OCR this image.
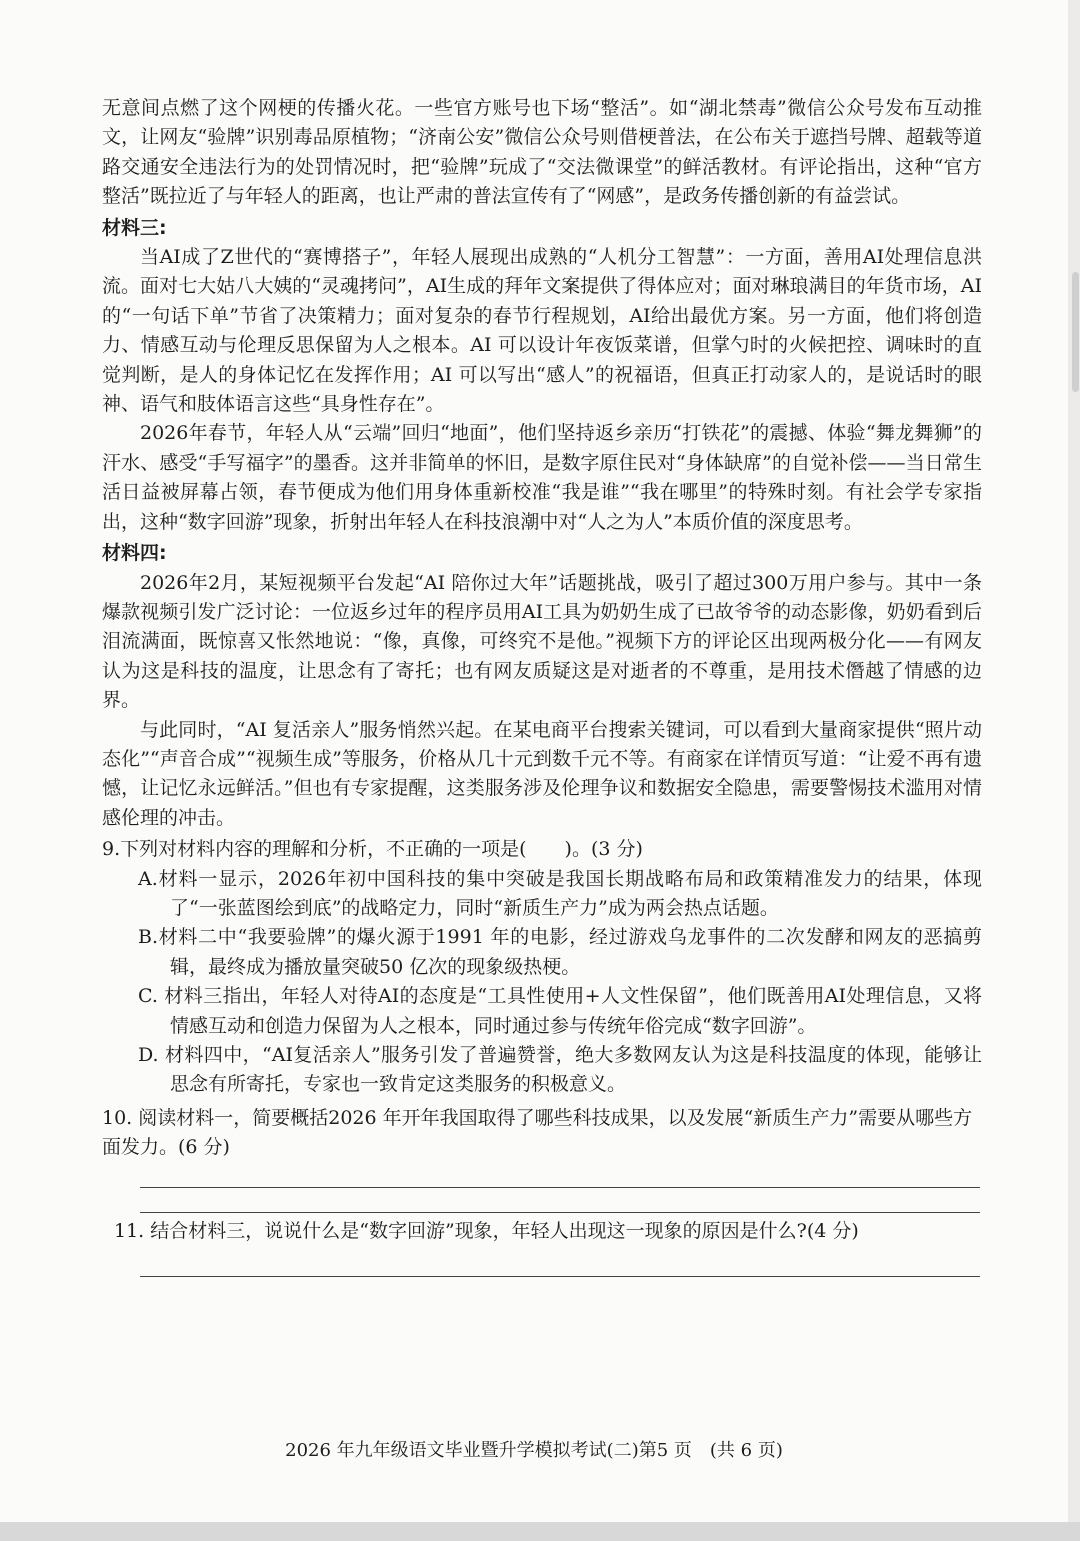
无意间点燃了这个网梗的传播火花。一些官方账号也下场“整活”。如“湖北禁毒”微信公众号发布互动推文，让网友“验牌”识别毒品原植物；“济南公安”微信公众号则借梗普法，在公布关于遮挡号牌、超载等道路交通安全违法行为的处罚情况时，把“验牌”玩成了“交法微课堂”的鲜活教材。有评论指出，这种“官方整活”既拉近了与年轻人的距离，也让严肃的普法宣传有了“网感”，是政务传播创新的有益尝试。

材料三:

当AI成了Z世代的“赛博搭子”，年轻人展现出成熟的“人机分工智慧”：一方面，善用AI处理信息洪流。面对七大姑八大姨的“灵魂拷问”，AI生成的拜年文案提供了得体应对；面对琳琅满目的年货市场，AI的“一句话下单”节省了决策精力；面对复杂的春节行程规划，AI给出最优方案。另一方面，他们将创造力、情感互动与伦理反思保留为人之根本。AI 可以设计年夜饭菜谱，但掌勺时的火候把控、调味时的直觉判断，是人的身体记忆在发挥作用；AI 可以写出“感人”的祝福语，但真正打动家人的，是说话时的眼神、语气和肢体语言这些“具身性存在”。

2026年春节，年轻人从“云端”回归“地面”，他们坚持返乡亲历“打铁花”的震撼、体验“舞龙舞狮”的汗水、感受“手写福字”的墨香。这并非简单的怀旧，是数字原住民对“身体缺席”的自觉补偿——当日常生活日益被屏幕占领，春节便成为他们用身体重新校准“我是谁”“我在哪里”的特殊时刻。有社会学专家指出，这种“数字回游”现象，折射出年轻人在科技浪潮中对“人之为人”本质价值的深度思考。

材料四:

2026年2月，某短视频平台发起“AI 陪你过大年”话题挑战，吸引了超过300万用户参与。其中一条爆款视频引发广泛讨论：一位返乡过年的程序员用AI工具为奶奶生成了已故爷爷的动态影像，奶奶看到后泪流满面，既惊喜又怅然地说：“像，真像，可终究不是他。”视频下方的评论区出现两极分化——有网友认为这是科技的温度，让思念有了寄托；也有网友质疑这是对逝者的不尊重，是用技术僭越了情感的边界。

与此同时，“AI 复活亲人”服务悄然兴起。在某电商平台搜索关键词，可以看到大量商家提供“照片动态化”“声音合成”“视频生成”等服务，价格从几十元到数千元不等。有商家在详情页写道：“让爱不再有遗憾，让记忆永远鲜活。”但也有专家提醒，这类服务涉及伦理争议和数据安全隐患，需要警惕技术滥用对情感伦理的冲击。

9.下列对材料内容的理解和分析，不正确的一项是(　　)。(3 分)
A.材料一显示，2026年初中国科技的集中突破是我国长期战略布局和政策精准发力的结果，体现了“一张蓝图绘到底”的战略定力，同时“新质生产力”成为两会热点话题。
B.材料二中“我要验牌”的爆火源于1991 年的电影，经过游戏乌龙事件的二次发酵和网友的恶搞剪辑，最终成为播放量突破50 亿次的现象级热梗。
C. 材料三指出，年轻人对待AI的态度是“工具性使用+人文性保留”，他们既善用AI处理信息，又将情感互动和创造力保留为人之根本，同时通过参与传统年俗完成“数字回游”。
D. 材料四中，“AI复活亲人”服务引发了普遍赞誉，绝大多数网友认为这是科技温度的体现，能够让思念有所寄托，专家也一致肯定这类服务的积极意义。
10. 阅读材料一，简要概括2026 年开年我国取得了哪些科技成果，以及发展“新质生产力”需要从哪些方面发力。(6 分)
11. 结合材料三，说说什么是“数字回游”现象，年轻人出现这一现象的原因是什么?(4 分)
2026 年九年级语文毕业暨升学模拟考试(二)第5 页　(共 6 页)
